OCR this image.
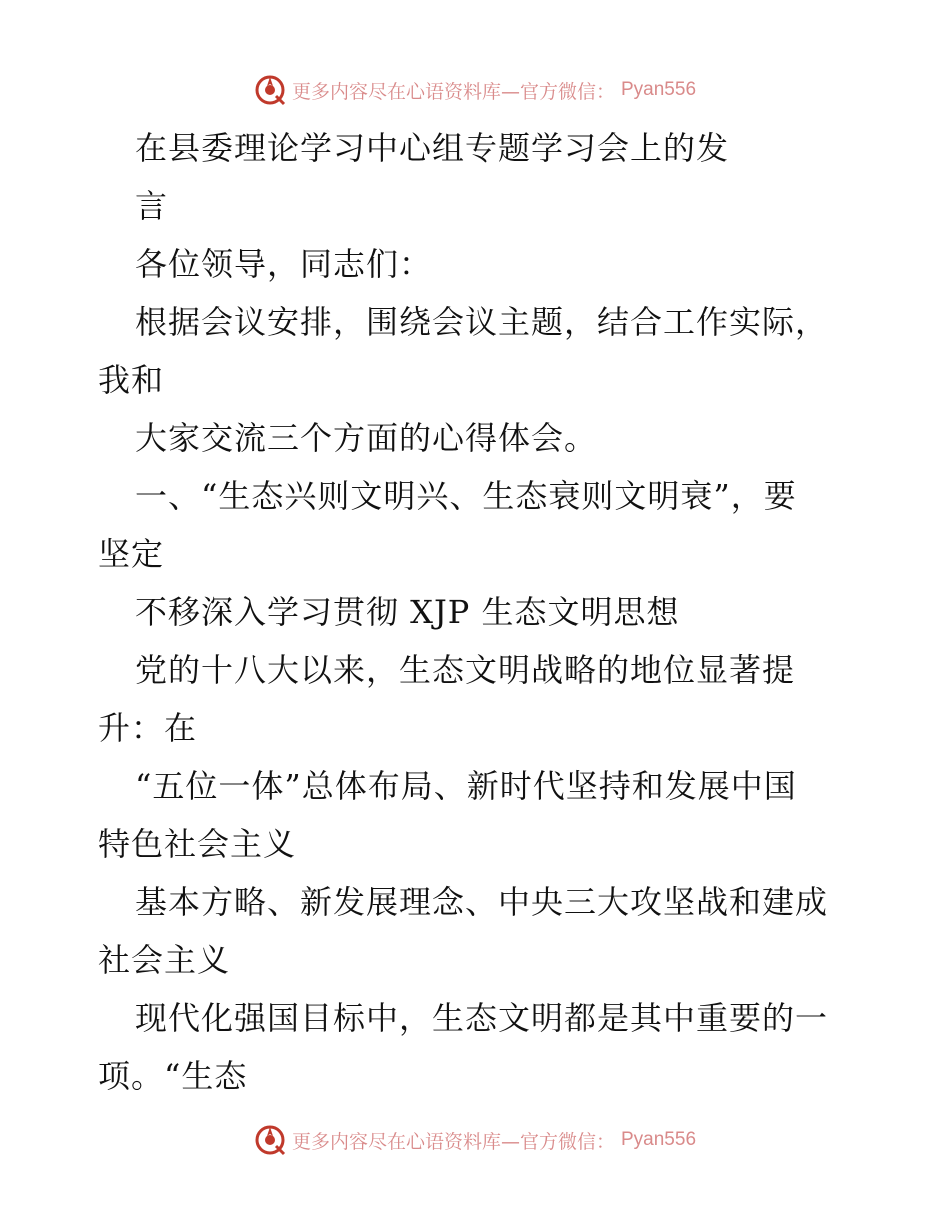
更多内容尽在心语资料库—官方微信： Pyan556
在县委理论学习中心组专题学习会上的发
言
各位领导，同志们：
根据会议安排，围绕会议主题，结合工作实际，
我和
大家交流三个方面的心得体会。
一、“生态兴则文明兴、生态衰则文明衰”，要
坚定
不移深入学习贯彻 XJP 生态文明思想
党的十八大以来，生态文明战略的地位显著提
升：在
“五位一体”总体布局、新时代坚持和发展中国
特色社会主义
基本方略、新发展理念、中央三大攻坚战和建成
社会主义
现代化强国目标中，生态文明都是其中重要的一
项。“生态
更多内容尽在心语资料库—官方微信： Pyan556
